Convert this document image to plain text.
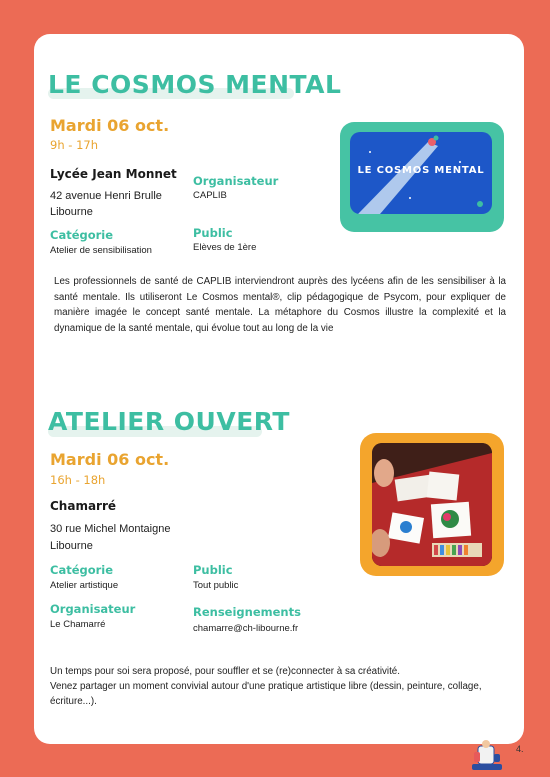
LE COSMOS MENTAL
Mardi 06 oct.
9h - 17h
Lycée Jean Monnet
42 avenue Henri Brulle
Libourne
Catégorie
Atelier de sensibilisation
Organisateur
CAPLIB
Public
Elèves de 1ère
LE COSMOS MENTAL
Les professionnels de santé de CAPLIB interviendront auprès des lycéens afin de les sensibiliser à la santé mentale. Ils utiliseront Le Cosmos mental®, clip pédagogique de Psycom, pour expliquer de manière imagée le concept santé mentale. La métaphore du Cosmos illustre la complexité et la dynamique de la santé mentale, qui évolue tout au long de la vie
ATELIER OUVERT
Mardi 06 oct.
16h - 18h
Chamarré
30 rue Michel Montaigne
Libourne
Catégorie
Atelier artistique
Public
Tout public
Organisateur
Le Chamarré
Renseignements
chamarre@ch-libourne.fr
Un temps pour soi sera proposé, pour souffler et se (re)connecter à sa créativité.
Venez partager un moment convivial autour d'une pratique artistique libre (dessin, peinture, collage, écriture...).
4.
